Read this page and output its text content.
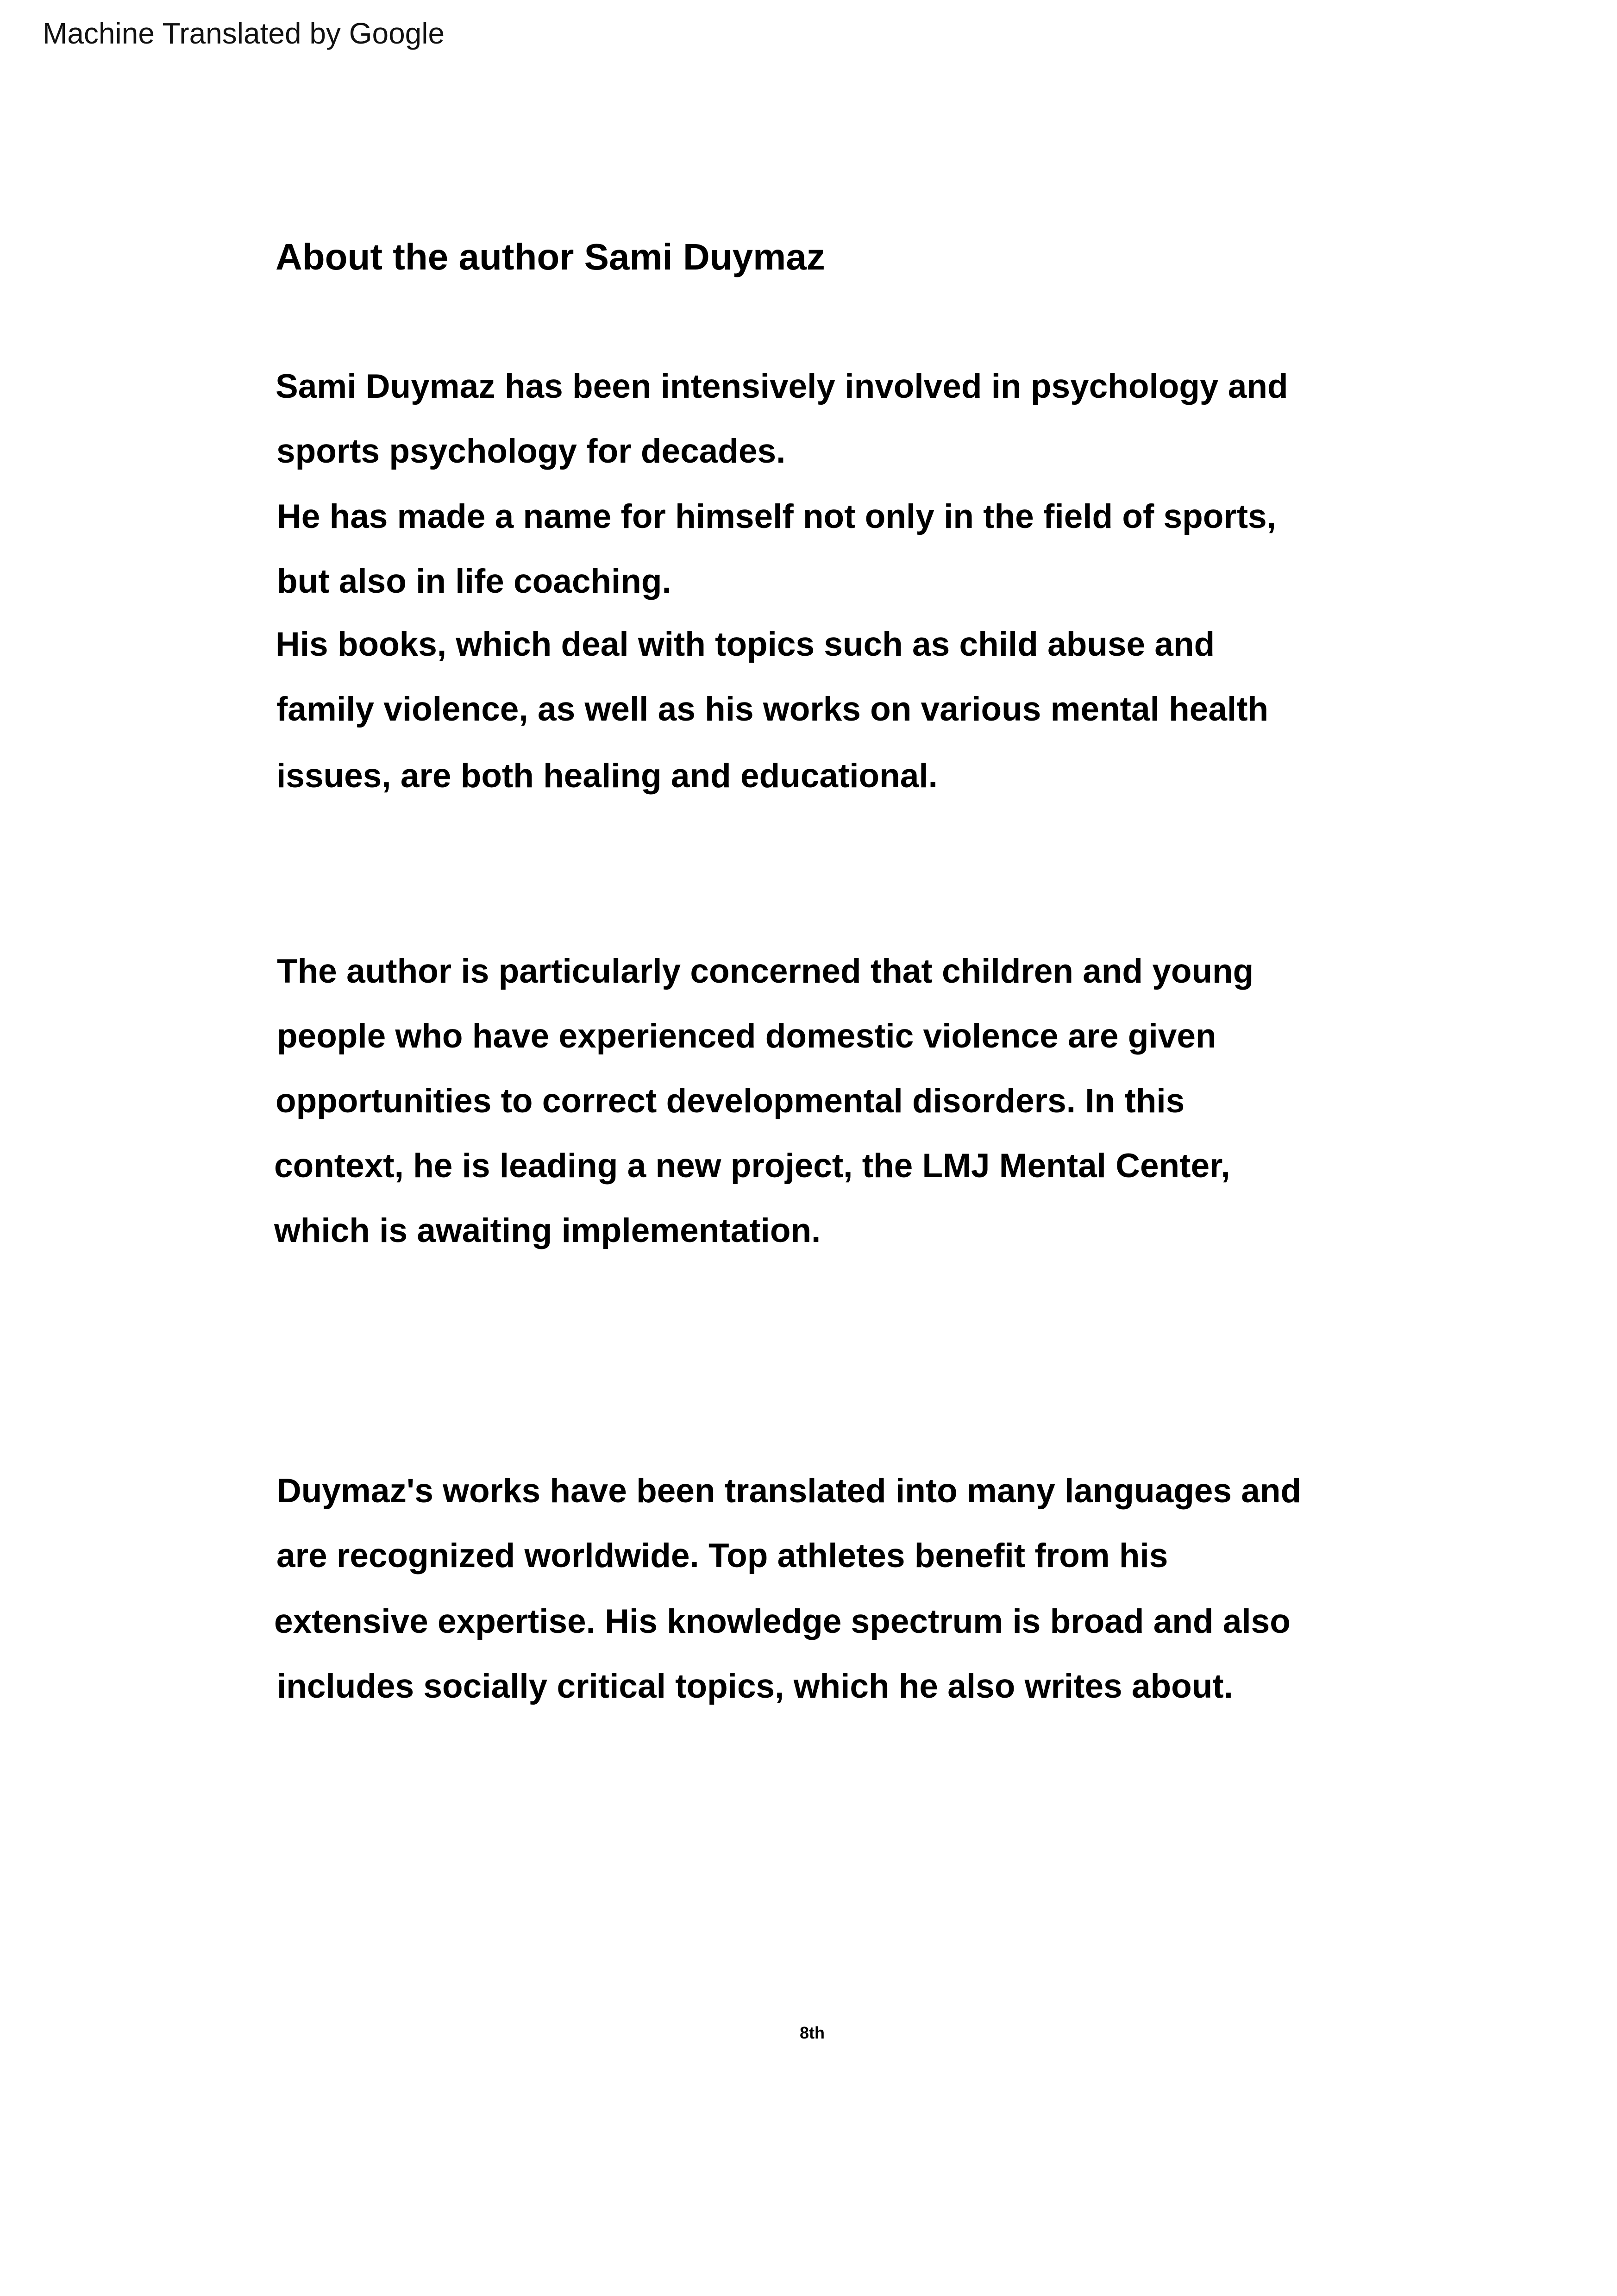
Machine Translated by Google
About the author Sami Duymaz
Sami Duymaz has been intensively involved in psychology and
sports psychology for decades.
He has made a name for himself not only in the field of sports,
but also in life coaching.
His books, which deal with topics such as child abuse and
family violence, as well as his works on various mental health
issues, are both healing and educational.
The author is particularly concerned that children and young
people who have experienced domestic violence are given
opportunities to correct developmental disorders. In this
context, he is leading a new project, the LMJ Mental Center,
which is awaiting implementation.
Duymaz's works have been translated into many languages and
are recognized worldwide. Top athletes benefit from his
extensive expertise. His knowledge spectrum is broad and also
includes socially critical topics, which he also writes about.
8th
